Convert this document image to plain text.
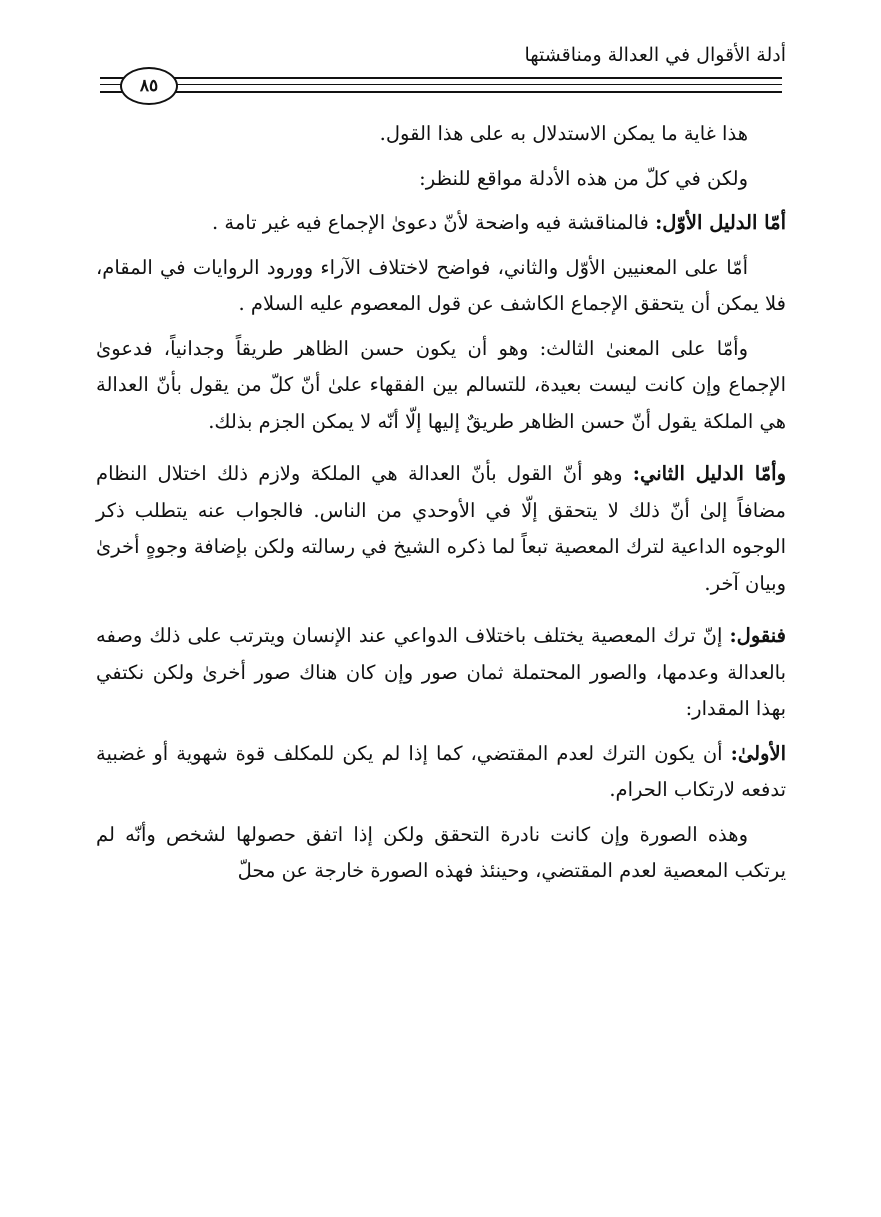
أدلة الأقوال في العدالة ومناقشتها
٨٥

هذا غاية ما يمكن الاستدلال به على هذا القول.

ولكن في كلّ من هذه الأدلة مواقع للنظر:

أمّا الدليل الأوّل: فالمناقشة فيه واضحة لأنّ دعوىٰ الإجماع فيه غير تامة .

أمّا على المعنيين الأوّل والثاني، فواضح لاختلاف الآراء وورود الروايات في المقام، فلا يمكن أن يتحقق الإجماع الكاشف عن قول المعصوم عليه السلام .

وأمّا على المعنىٰ الثالث: وهو أن يكون حسن الظاهر طريقاً وجدانياً، فدعوىٰ الإجماع وإن كانت ليست بعيدة، للتسالم بين الفقهاء علىٰ أنّ كلّ من يقول بأنّ العدالة هي الملكة يقول أنّ حسن الظاهر طريقٌ إليها إلّا أنّه لا يمكن الجزم بذلك.

وأمّا الدليل الثاني: وهو أنّ القول بأنّ العدالة هي الملكة ولازم ذلك اختلال النظام مضافاً إلىٰ أنّ ذلك لا يتحقق إلّا في الأوحدي من الناس. فالجواب عنه يتطلب ذكر الوجوه الداعية لترك المعصية تبعاً لما ذكره الشيخ في رسالته ولكن بإضافة وجوهٍ أخرىٰ وبيان آخر.

فنقول: إنّ ترك المعصية يختلف باختلاف الدواعي عند الإنسان ويترتب على ذلك وصفه بالعدالة وعدمها، والصور المحتملة ثمان صور وإن كان هناك صور أخرىٰ ولكن نكتفي بهذا المقدار:

الأولىٰ: أن يكون الترك لعدم المقتضي، كما إذا لم يكن للمكلف قوة شهوية أو غضبية تدفعه لارتكاب الحرام.

وهذه الصورة وإن كانت نادرة التحقق ولكن إذا اتفق حصولها لشخص وأنّه لم يرتكب المعصية لعدم المقتضي، وحينئذ فهذه الصورة خارجة عن محلّ
